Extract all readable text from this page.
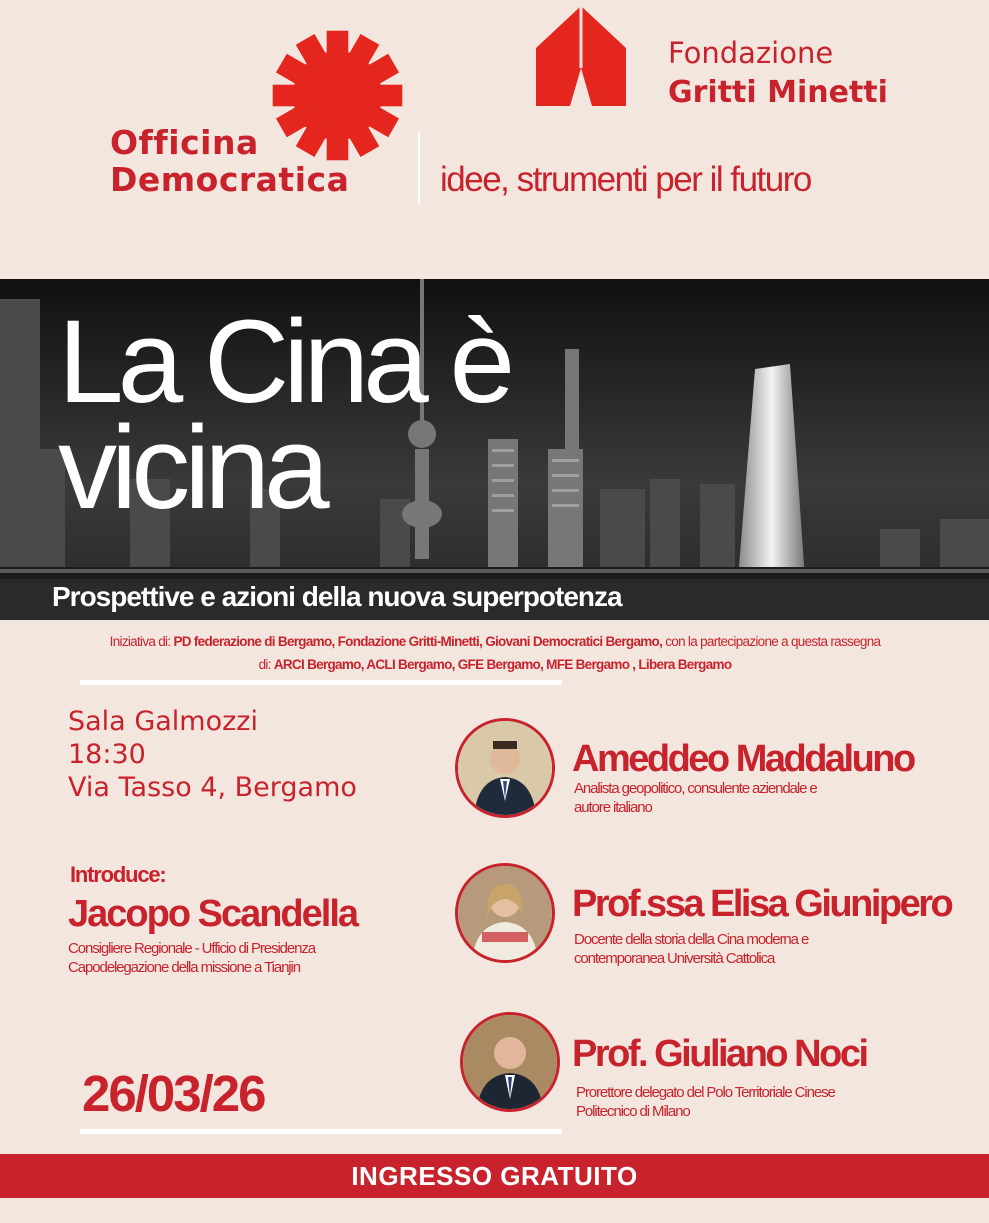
Officina
Democratica	idee, strumenti per il futuro
Fondazione
Gritti Minetti
La Cina è
vicina
Prospettive e azioni della nuova superpotenza
Iniziativa di: PD federazione di Bergamo, Fondazione Gritti-Minetti, Giovani Democratici Bergamo, con la partecipazione a questa rassegna
di: ARCI Bergamo, ACLI Bergamo, GFE Bergamo, MFE Bergamo , Libera Bergamo
Sala Galmozzi
18:30
Via Tasso 4, Bergamo
Introduce:
Jacopo Scandella
Consigliere Regionale - Ufficio di Presidenza
Capodelegazione della missione a Tianjin
26/03/26
Ameddeo Maddaluno
Analista geopolitico, consulente aziendale e
autore italiano
Prof.ssa Elisa Giunipero
Docente della storia della Cina moderna e
contemporanea Università Cattolica
Prof. Giuliano Noci
Prorettore delegato del Polo Territoriale Cinese
Politecnico di Milano
INGRESSO GRATUITO
